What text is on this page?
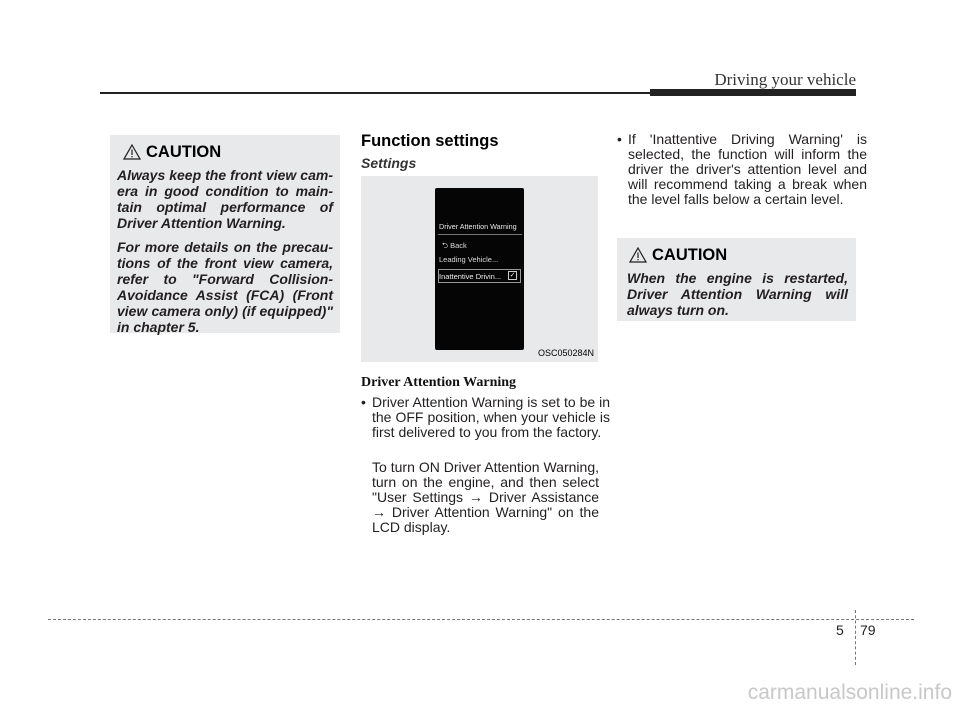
Driving your vehicle
CAUTION

Always keep the front view cam- era in good condition to main- tain optimal performance of Driver Attention Warning.

For more details on the precau- tions of the front view camera, refer to "Forward Collision- Avoidance Assist (FCA) (Front view camera only) (if equipped)" in chapter 5.

Function settings
Settings
Driver Attention Warning
⮌ Back
Leading Vehicle...
Inattentive Drivin... ✓
OSC050284N
Driver Attention Warning
• Driver Attention Warning is set to be in the OFF position, when your vehicle is first delivered to you from the factory.

To turn ON Driver Attention Warning, turn on the engine, and then select "User Settings → Driver Assistance → Driver Attention Warning" on the LCD display.

• If 'Inattentive Driving Warning' is selected, the function will inform the driver the driver's attention level and will recommend taking a break when the level falls below a certain level.

CAUTION

When the engine is restarted, Driver Attention Warning will always turn on.

5 79
carmanualsonline.info
